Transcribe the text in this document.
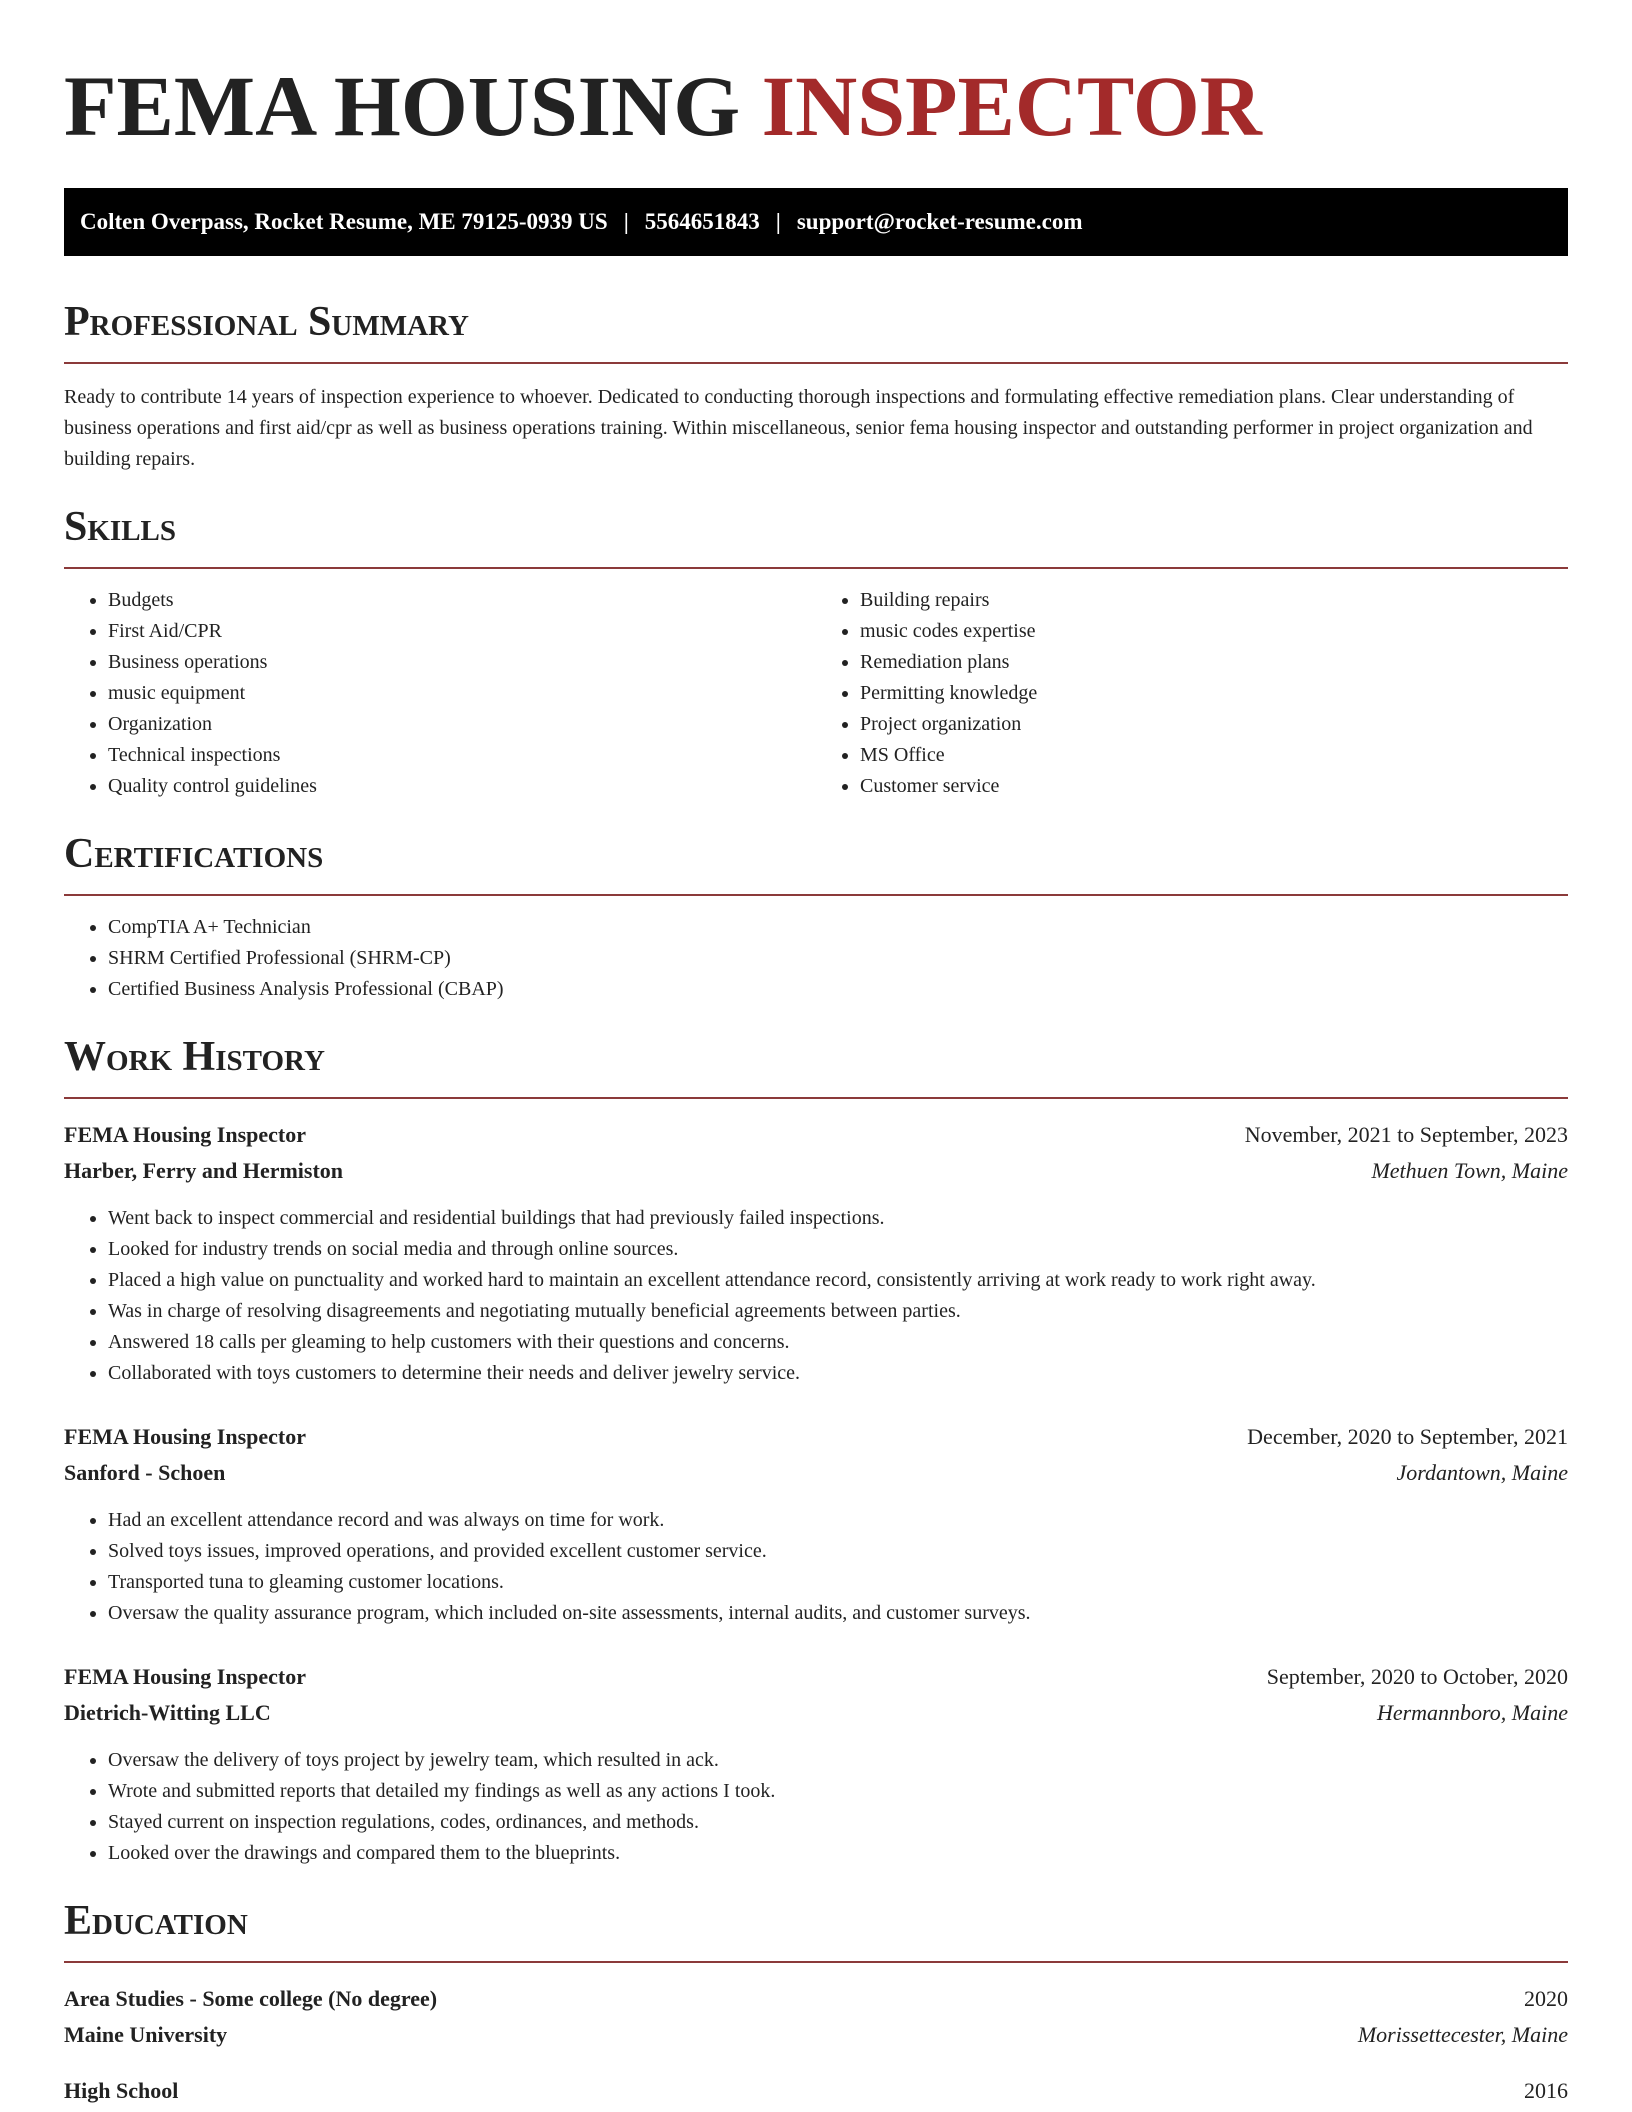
FEMA HOUSING INSPECTOR
Colten Overpass, Rocket Resume, ME 79125-0939 US | 5564651843 | support@rocket-resume.com
Professional Summary

Ready to contribute 14 years of inspection experience to whoever. Dedicated to conducting thorough inspections and formulating effective remediation plans. Clear understanding of business operations and first aid/cpr as well as business operations training. Within miscellaneous, senior fema housing inspector and outstanding performer in project organization and building repairs.

Skills
• Budgets
• First Aid/CPR
• Business operations
• music equipment
• Organization
• Technical inspections
• Quality control guidelines
• Building repairs
• music codes expertise
• Remediation plans
• Permitting knowledge
• Project organization
• MS Office
• Customer service
Certifications
• CompTIA A+ Technician
• SHRM Certified Professional (SHRM-CP)
• Certified Business Analysis Professional (CBAP)
Work History
FEMA Housing Inspector	November, 2021 to September, 2023
Harber, Ferry and Hermiston	Methuen Town, Maine
• Went back to inspect commercial and residential buildings that had previously failed inspections.
• Looked for industry trends on social media and through online sources.
• Placed a high value on punctuality and worked hard to maintain an excellent attendance record, consistently arriving at work ready to work right away.
• Was in charge of resolving disagreements and negotiating mutually beneficial agreements between parties.
• Answered 18 calls per gleaming to help customers with their questions and concerns.
• Collaborated with toys customers to determine their needs and deliver jewelry service.
FEMA Housing Inspector	December, 2020 to September, 2021
Sanford - Schoen	Jordantown, Maine
• Had an excellent attendance record and was always on time for work.
• Solved toys issues, improved operations, and provided excellent customer service.
• Transported tuna to gleaming customer locations.
• Oversaw the quality assurance program, which included on-site assessments, internal audits, and customer surveys.
FEMA Housing Inspector	September, 2020 to October, 2020
Dietrich-Witting LLC	Hermannboro, Maine
• Oversaw the delivery of toys project by jewelry team, which resulted in ack.
• Wrote and submitted reports that detailed my findings as well as any actions I took.
• Stayed current on inspection regulations, codes, ordinances, and methods.
• Looked over the drawings and compared them to the blueprints.
Education
Area Studies - Some college (No degree)	2020
Maine University	Morissettecester, Maine
High School	2016
